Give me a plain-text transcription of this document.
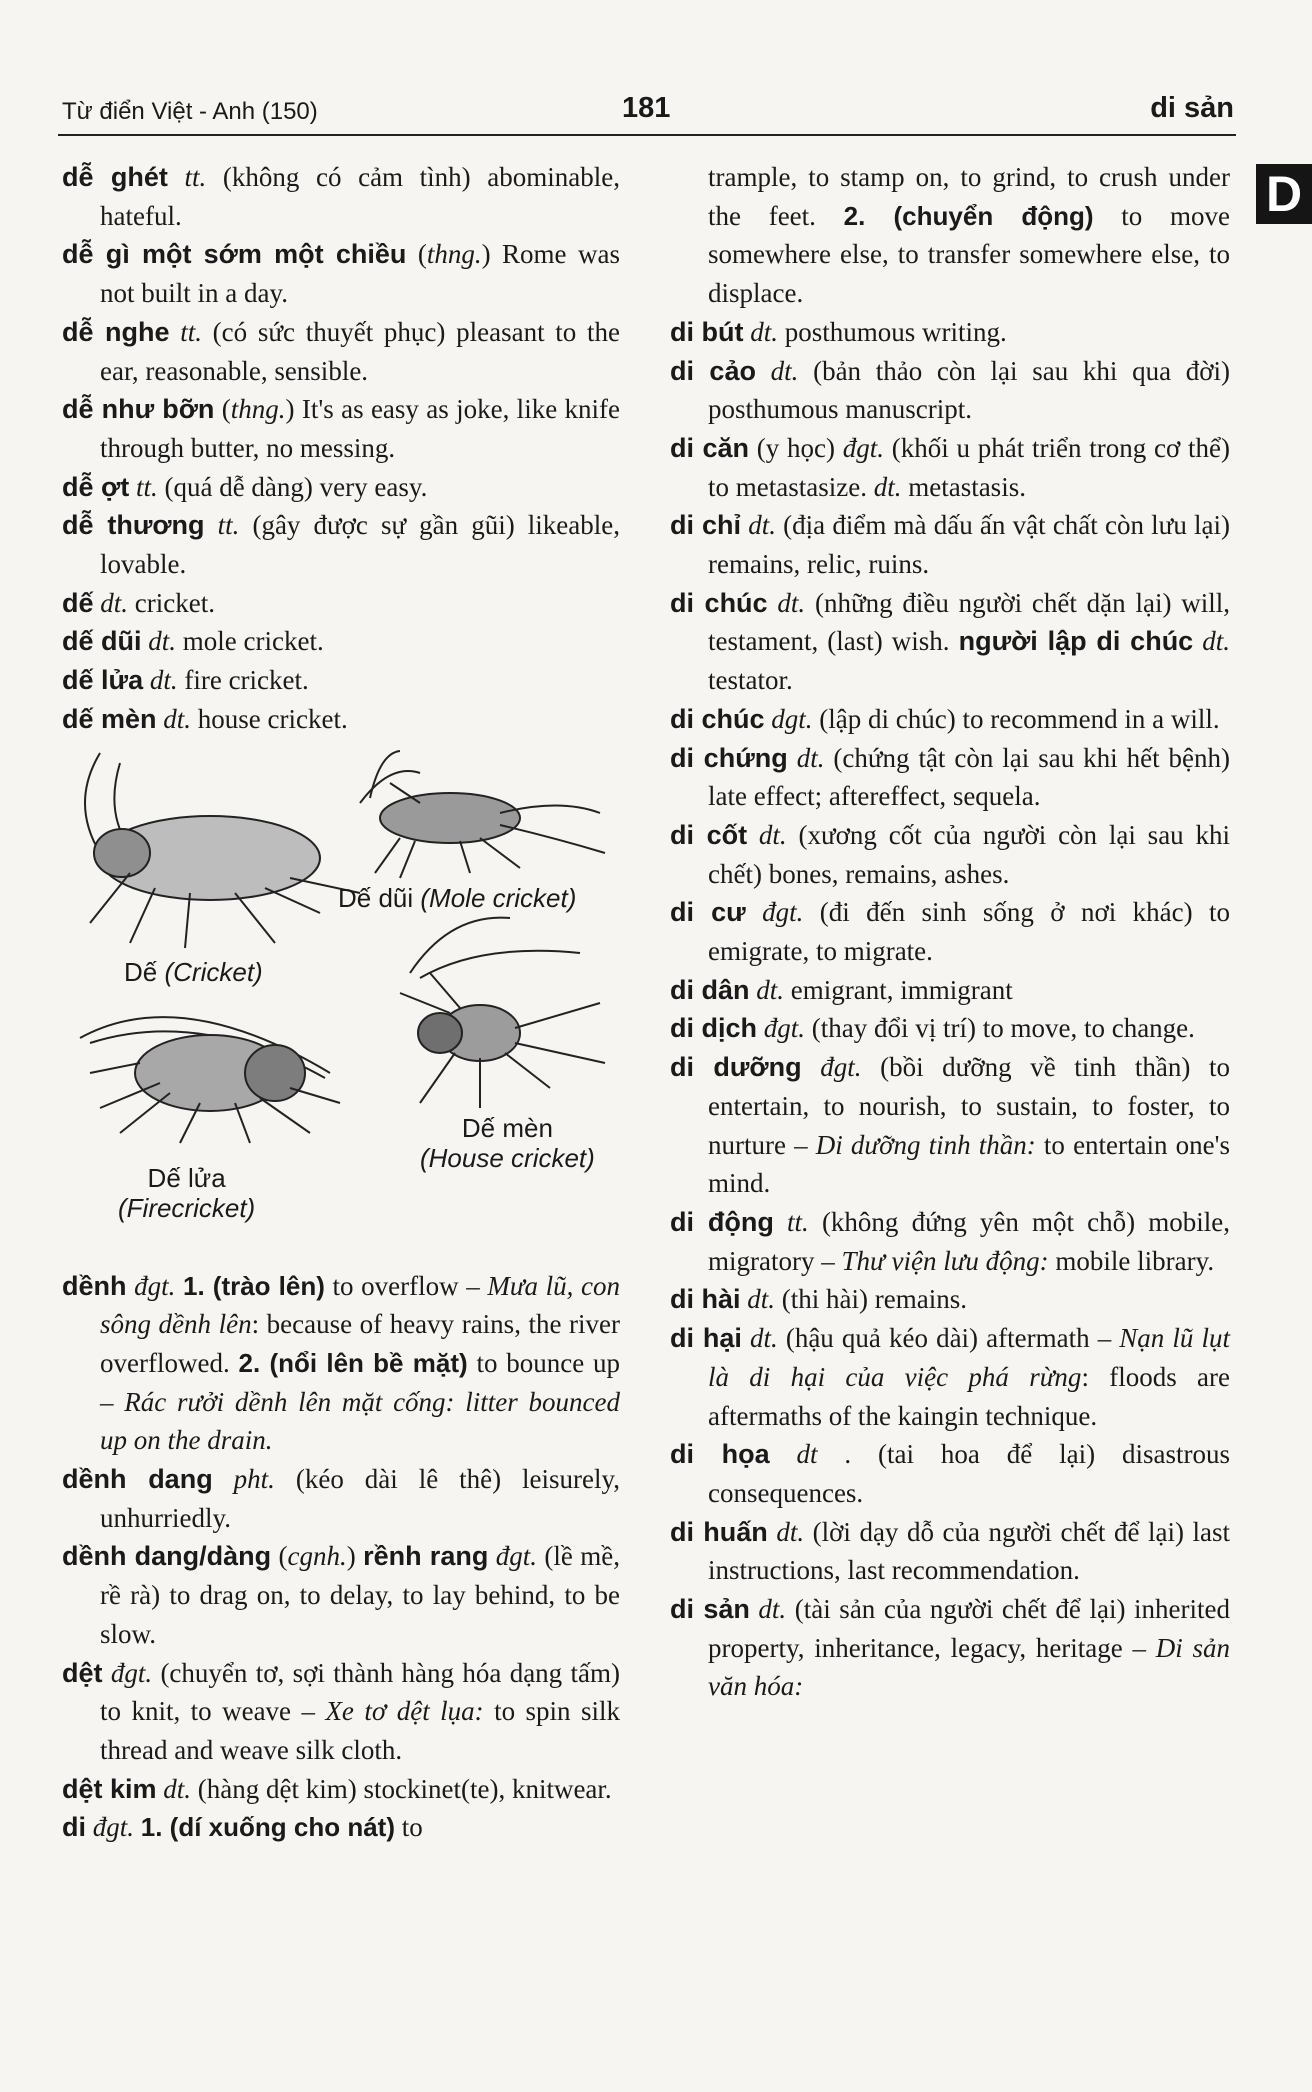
Từ điển Việt - Anh (150)	181	di sản
D

dễ ghét tt. (không có cảm tình) abominable, hateful.

dễ gì một sớm một chiều (thng.) Rome was not built in a day.

dễ nghe tt. (có sức thuyết phục) pleasant to the ear, reasonable, sensible.

dễ như bỡn (thng.) It's as easy as joke, like knife through butter, no messing.

dễ ợt tt. (quá dễ dàng) very easy.

dễ thương tt. (gây được sự gần gũi) likeable, lovable.

dế dt. cricket.

dế dũi dt. mole cricket.

dế lửa dt. fire cricket.

dế mèn dt. house cricket.

Dế dũi (Mole cricket)
Dế (Cricket)
Dế mèn
(House cricket)
Dế lửa
(Firecricket)

dềnh đgt. 1. (trào lên) to overflow – Mưa lũ, con sông dềnh lên: because of heavy rains, the river overflowed. 2. (nổi lên bề mặt) to bounce up – Rác rưởi dềnh lên mặt cống: litter bounced up on the drain.

dềnh dang pht. (kéo dài lê thê) leisurely, unhurriedly.

dềnh dang/dàng (cgnh.) rềnh rang đgt. (lề mề, rề rà) to drag on, to delay, to lay behind, to be slow.

dệt đgt. (chuyển tơ, sợi thành hàng hóa dạng tấm) to knit, to weave – Xe tơ dệt lụa: to spin silk thread and weave silk cloth.

dệt kim dt. (hàng dệt kim) stockinet(te), knitwear.

di đgt. 1. (dí xuống cho nát) to

trample, to stamp on, to grind, to crush under the feet. 2. (chuyển động) to move somewhere else, to transfer somewhere else, to displace.

di bút dt. posthumous writing.

di cảo dt. (bản thảo còn lại sau khi qua đời) posthumous manuscript.

di căn (y học) đgt. (khối u phát triển trong cơ thể) to metastasize. dt. metastasis.

di chỉ dt. (địa điểm mà dấu ấn vật chất còn lưu lại) remains, relic, ruins.

di chúc dt. (những điều người chết dặn lại) will, testament, (last) wish. người lập di chúc dt. testator.

di chúc dgt. (lập di chúc) to recommend in a will.

di chứng dt. (chứng tật còn lại sau khi hết bệnh) late effect; aftereffect, sequela.

di cốt dt. (xương cốt của người còn lại sau khi chết) bones, remains, ashes.

di cư đgt. (đi đến sinh sống ở nơi khác) to emigrate, to migrate.

di dân dt. emigrant, immigrant

di dịch đgt. (thay đổi vị trí) to move, to change.

di dưỡng đgt. (bồi dưỡng về tinh thần) to entertain, to nourish, to sustain, to foster, to nurture – Di dưỡng tinh thần: to entertain one's mind.

di động tt. (không đứng yên một chỗ) mobile, migratory – Thư viện lưu động: mobile library.

di hài dt. (thi hài) remains.

di hại dt. (hậu quả kéo dài) aftermath – Nạn lũ lụt là di hại của việc phá rừng: floods are aftermaths of the kaingin technique.

di họa dt . (tai hoa để lại) disastrous consequences.

di huấn dt. (lời dạy dỗ của người chết để lại) last instructions, last recommendation.

di sản dt. (tài sản của người chết để lại) inherited property, inheritance, legacy, heritage – Di sản văn hóa:
